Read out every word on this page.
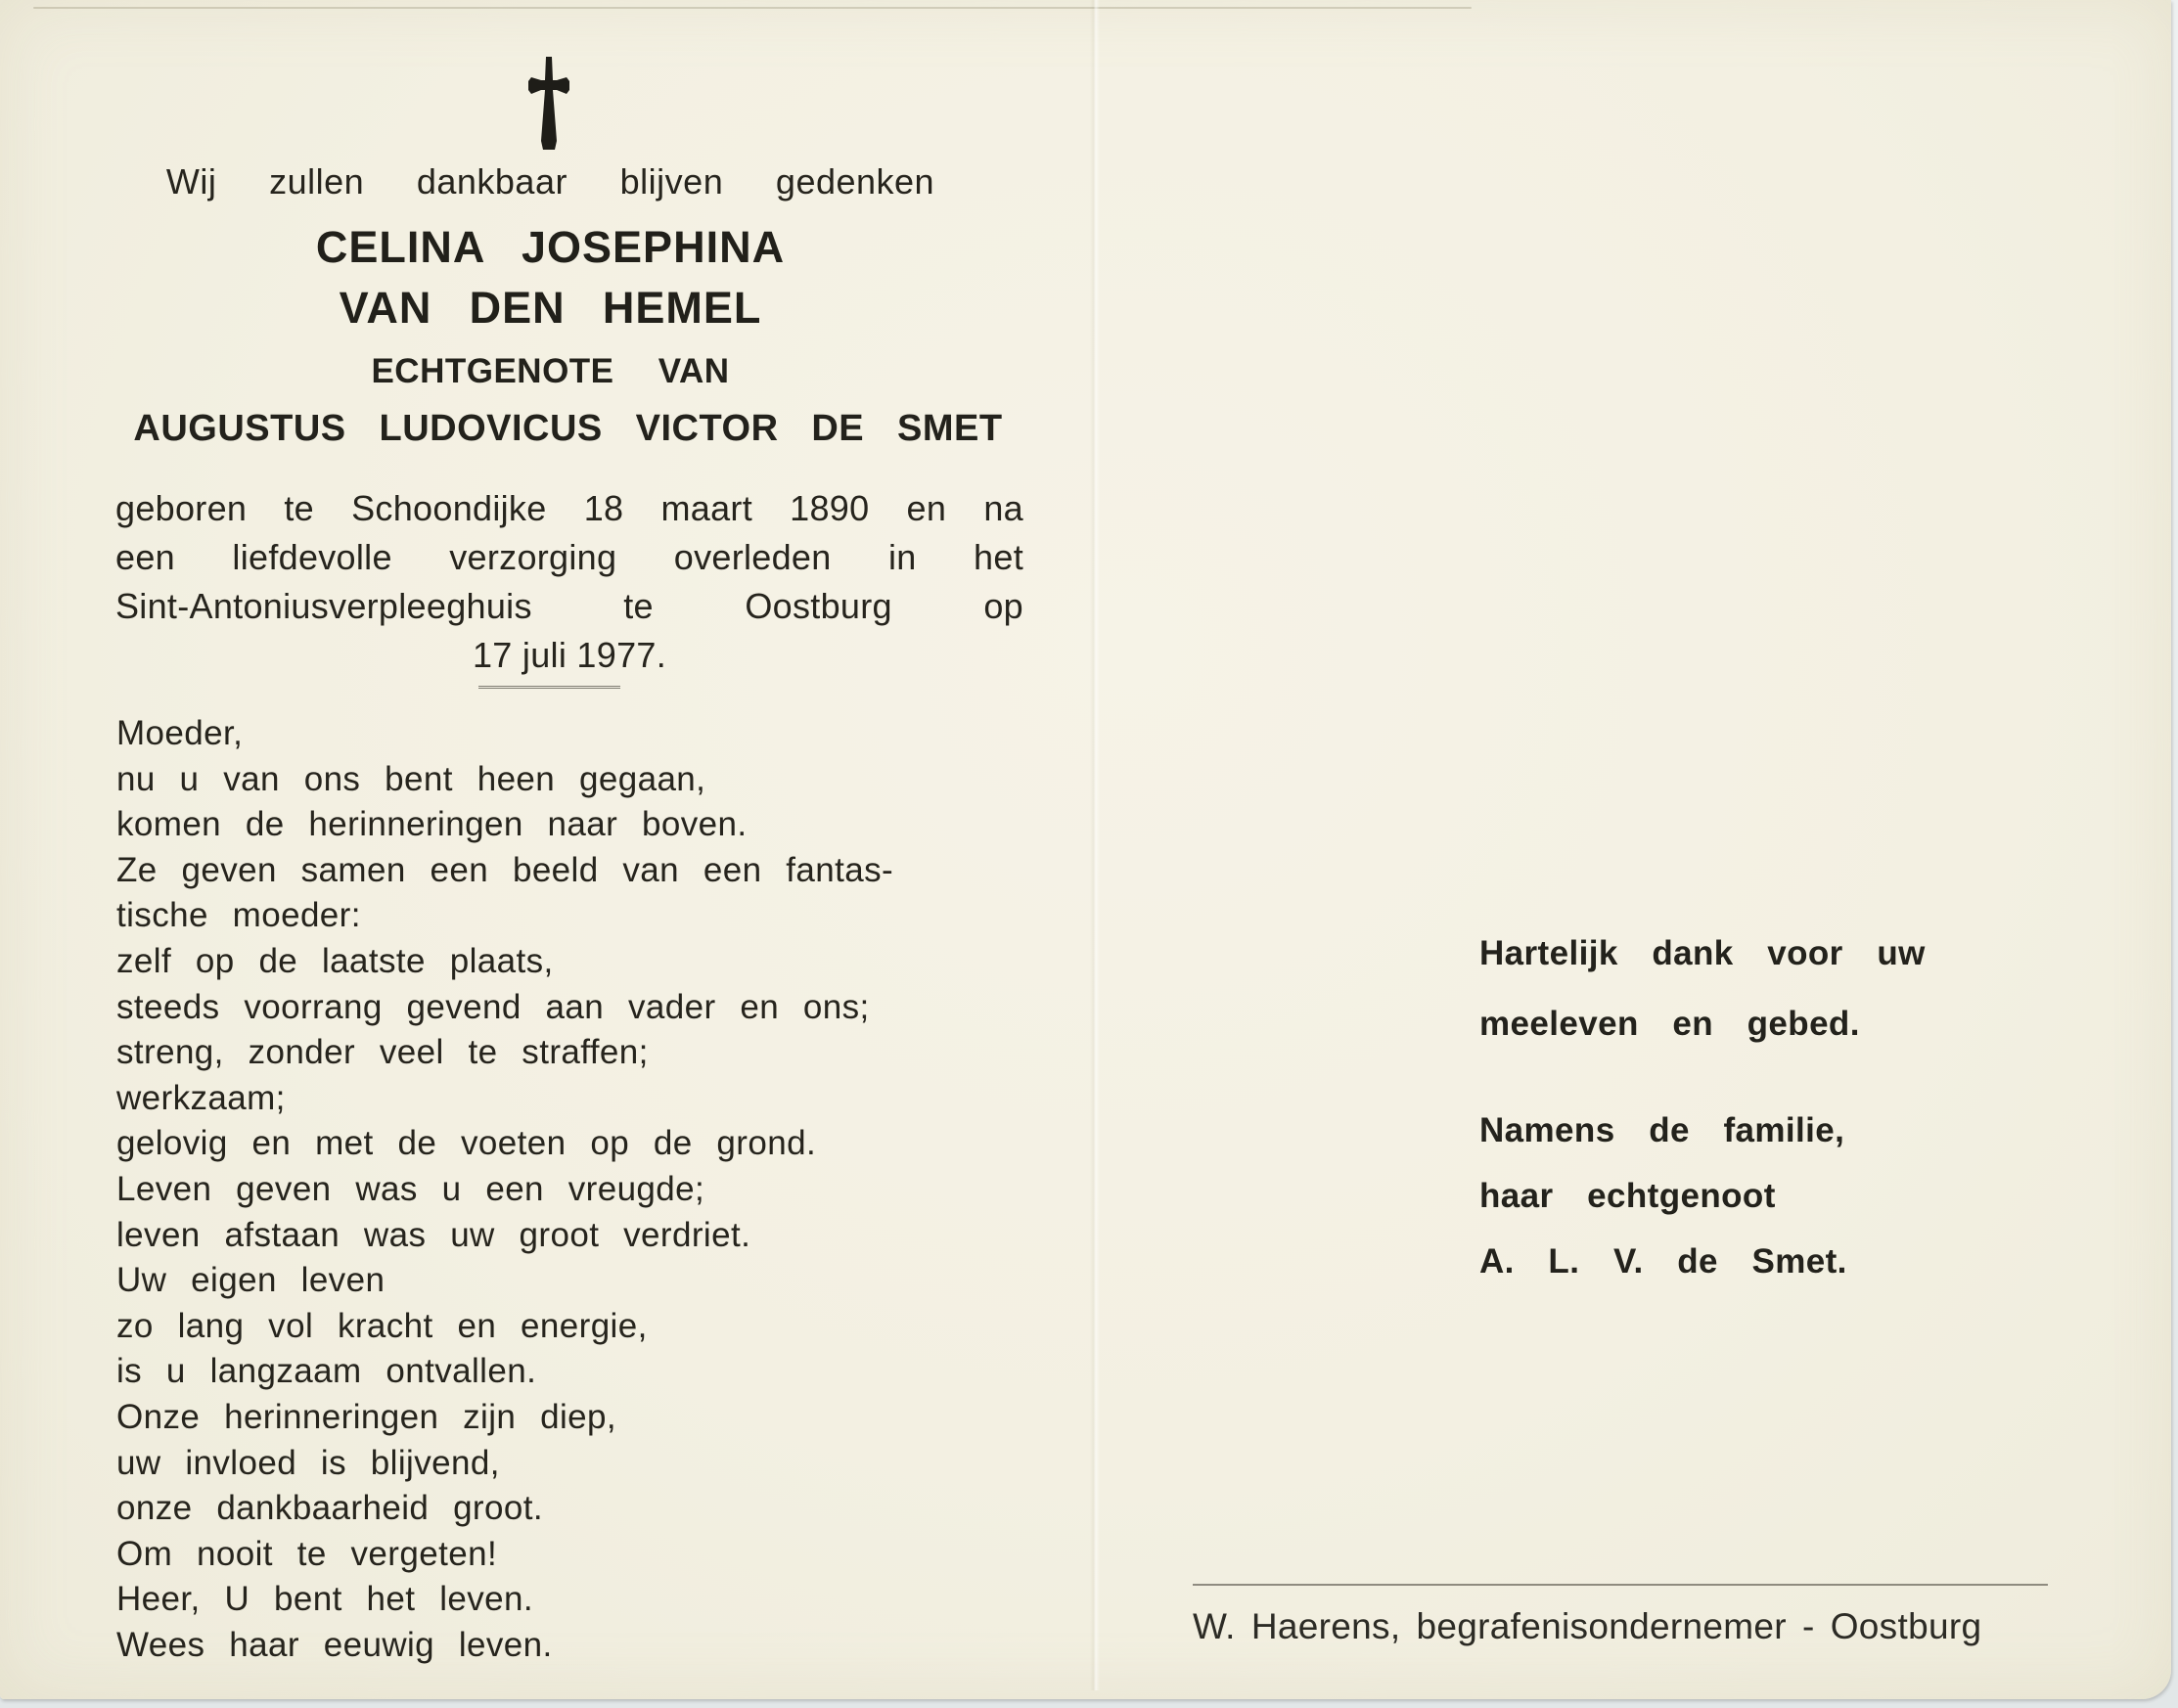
Wij zullen dankbaar blijven gedenken
CELINA JOSEPHINA
VAN DEN HEMEL
ECHTGENOTE VAN
AUGUSTUS LUDOVICUS VICTOR DE SMET
geboren te Schoondijke 18 maart 1890 en na
een liefdevolle verzorging overleden in het
Sint-Antoniusverpleeghuis te Oostburg op
17 juli 1977.
Moeder,
nu u van ons bent heen gegaan,
komen de herinneringen naar boven.
Ze geven samen een beeld van een fantas-
tische moeder:
zelf op de laatste plaats,
steeds voorrang gevend aan vader en ons;
streng, zonder veel te straffen;
werkzaam;
gelovig en met de voeten op de grond.
Leven geven was u een vreugde;
leven afstaan was uw groot verdriet.
Uw eigen leven
zo lang vol kracht en energie,
is u langzaam ontvallen.
Onze herinneringen zijn diep,
uw invloed is blijvend,
onze dankbaarheid groot.
Om nooit te vergeten!
Heer, U bent het leven.
Wees haar eeuwig leven.
Hartelijk dank voor uw
meeleven en gebed.
Namens de familie,
haar echtgenoot
A. L. V. de Smet.
W. Haerens, begrafenisondernemer - Oostburg
